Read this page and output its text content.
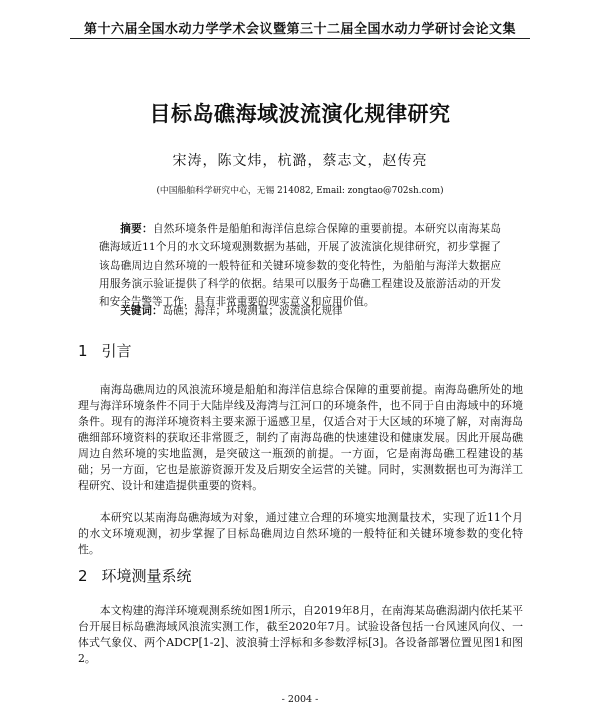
第十六届全国水动力学学术会议暨第三十二届全国水动力学研讨会论文集
目标岛礁海域波流演化规律研究
宋涛，陈文炜，杭潞，蔡志文，赵传亮
(中国船舶科学研究中心，无锡 214082, Email: zongtao@702sh.com)

摘要：自然环境条件是船舶和海洋信息综合保障的重要前提。本研究以南海某岛礁海域近11个月的水文环境观测数据为基础，开展了波流演化规律研究，初步掌握了该岛礁周边自然环境的一般特征和关键环境参数的变化特性，为船舶与海洋大数据应用服务演示验证提供了科学的依据。结果可以服务于岛礁工程建设及旅游活动的开发和安全告警等工作，具有非常重要的现实意义和应用价值。

关键词：岛礁；海洋；环境测量；波流演化规律

1 引言

南海岛礁周边的风浪流环境是船舶和海洋信息综合保障的重要前提。南海岛礁所处的地理与海洋环境条件不同于大陆岸线及海湾与江河口的环境条件，也不同于自由海域中的环境条件。现有的海洋环境资料主要来源于遥感卫星，仅适合对于大区域的环境了解，对南海岛礁细部环境资料的获取还非常匮乏，制约了南海岛礁的快速建设和健康发展。因此开展岛礁周边自然环境的实地监测，是突破这一瓶颈的前提。一方面，它是南海岛礁工程建设的基础；另一方面，它也是旅游资源开发及后期安全运营的关键。同时，实测数据也可为海洋工程研究、设计和建造提供重要的资料。

本研究以某南海岛礁海域为对象，通过建立合理的环境实地测量技术，实现了近11个月的水文环境观测，初步掌握了目标岛礁周边自然环境的一般特征和关键环境参数的变化特性。

2 环境测量系统

本文构建的海洋环境观测系统如图1所示，自2019年8月，在南海某岛礁潟湖内依托某平台开展目标岛礁海域风浪流实测工作，截至2020年7月。试验设备包括一台风速风向仪、一体式气象仪、两个ADCP[1-2]、波浪骑士浮标和多参数浮标[3]。各设备部署位置见图1和图2。

- 2004 -
